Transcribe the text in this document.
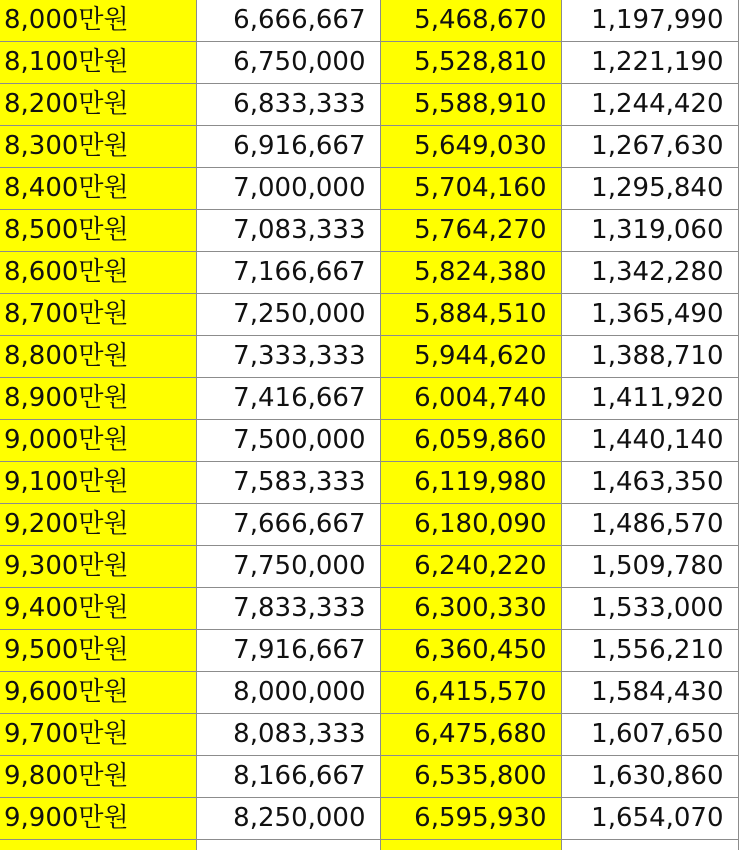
8,000만원	6,666,667	5,468,670	1,197,990
8,100만원	6,750,000	5,528,810	1,221,190
8,200만원	6,833,333	5,588,910	1,244,420
8,300만원	6,916,667	5,649,030	1,267,630
8,400만원	7,000,000	5,704,160	1,295,840
8,500만원	7,083,333	5,764,270	1,319,060
8,600만원	7,166,667	5,824,380	1,342,280
8,700만원	7,250,000	5,884,510	1,365,490
8,800만원	7,333,333	5,944,620	1,388,710
8,900만원	7,416,667	6,004,740	1,411,920
9,000만원	7,500,000	6,059,860	1,440,140
9,100만원	7,583,333	6,119,980	1,463,350
9,200만원	7,666,667	6,180,090	1,486,570
9,300만원	7,750,000	6,240,220	1,509,780
9,400만원	7,833,333	6,300,330	1,533,000
9,500만원	7,916,667	6,360,450	1,556,210
9,600만원	8,000,000	6,415,570	1,584,430
9,700만원	8,083,333	6,475,680	1,607,650
9,800만원	8,166,667	6,535,800	1,630,860
9,900만원	8,250,000	6,595,930	1,654,070
